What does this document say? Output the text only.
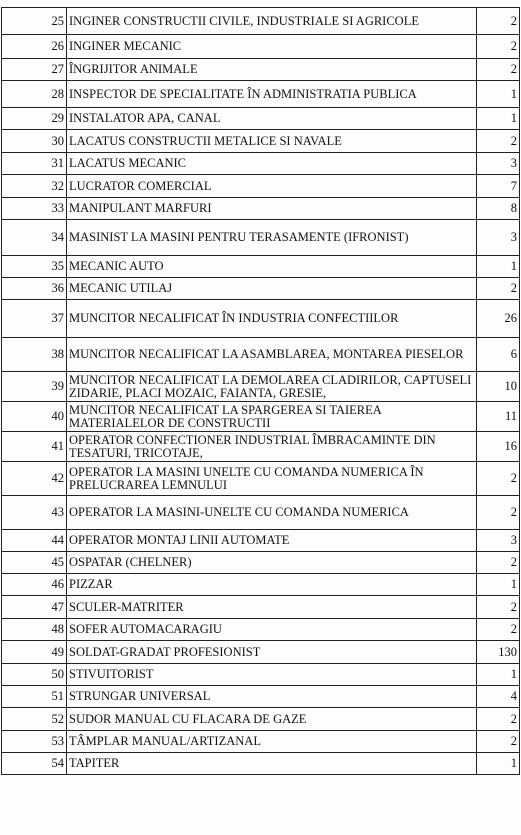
25	INGINER CONSTRUCTII CIVILE, INDUSTRIALE SI AGRICOLE	2
26	INGINER MECANIC	2
27	ÎNGRIJITOR ANIMALE	2
28	INSPECTOR DE SPECIALITATE ÎN ADMINISTRATIA PUBLICA	1
29	INSTALATOR APA, CANAL	1
30	LACATUS CONSTRUCTII METALICE SI NAVALE	2
31	LACATUS MECANIC	3
32	LUCRATOR COMERCIAL	7
33	MANIPULANT MARFURI	8
34	MASINIST LA MASINI PENTRU TERASAMENTE (IFRONIST)	3
35	MECANIC AUTO	1
36	MECANIC UTILAJ	2
37	MUNCITOR NECALIFICAT ÎN INDUSTRIA CONFECTIILOR	26
38	MUNCITOR NECALIFICAT LA ASAMBLAREA, MONTAREA PIESELOR	6
39	MUNCITOR NECALIFICAT LA DEMOLAREA CLADIRILOR, CAPTUSELI ZIDARIE, PLACI MOZAIC, FAIANTA, GRESIE,	10
40	MUNCITOR NECALIFICAT LA SPARGEREA SI TAIEREA MATERIALELOR DE CONSTRUCTII	11
41	OPERATOR CONFECTIONER INDUSTRIAL ÎMBRACAMINTE DIN TESATURI, TRICOTAJE,	16
42	OPERATOR LA MASINI UNELTE CU COMANDA NUMERICA ÎN PRELUCRAREA LEMNULUI	2
43	OPERATOR LA MASINI-UNELTE CU COMANDA NUMERICA	2
44	OPERATOR MONTAJ LINII AUTOMATE	3
45	OSPATAR (CHELNER)	2
46	PIZZAR	1
47	SCULER-MATRITER	2
48	SOFER AUTOMACARAGIU	2
49	SOLDAT-GRADAT PROFESIONIST	130
50	STIVUITORIST	1
51	STRUNGAR UNIVERSAL	4
52	SUDOR MANUAL CU FLACARA DE GAZE	2
53	TÂMPLAR MANUAL/ARTIZANAL	2
54	TAPITER	1
